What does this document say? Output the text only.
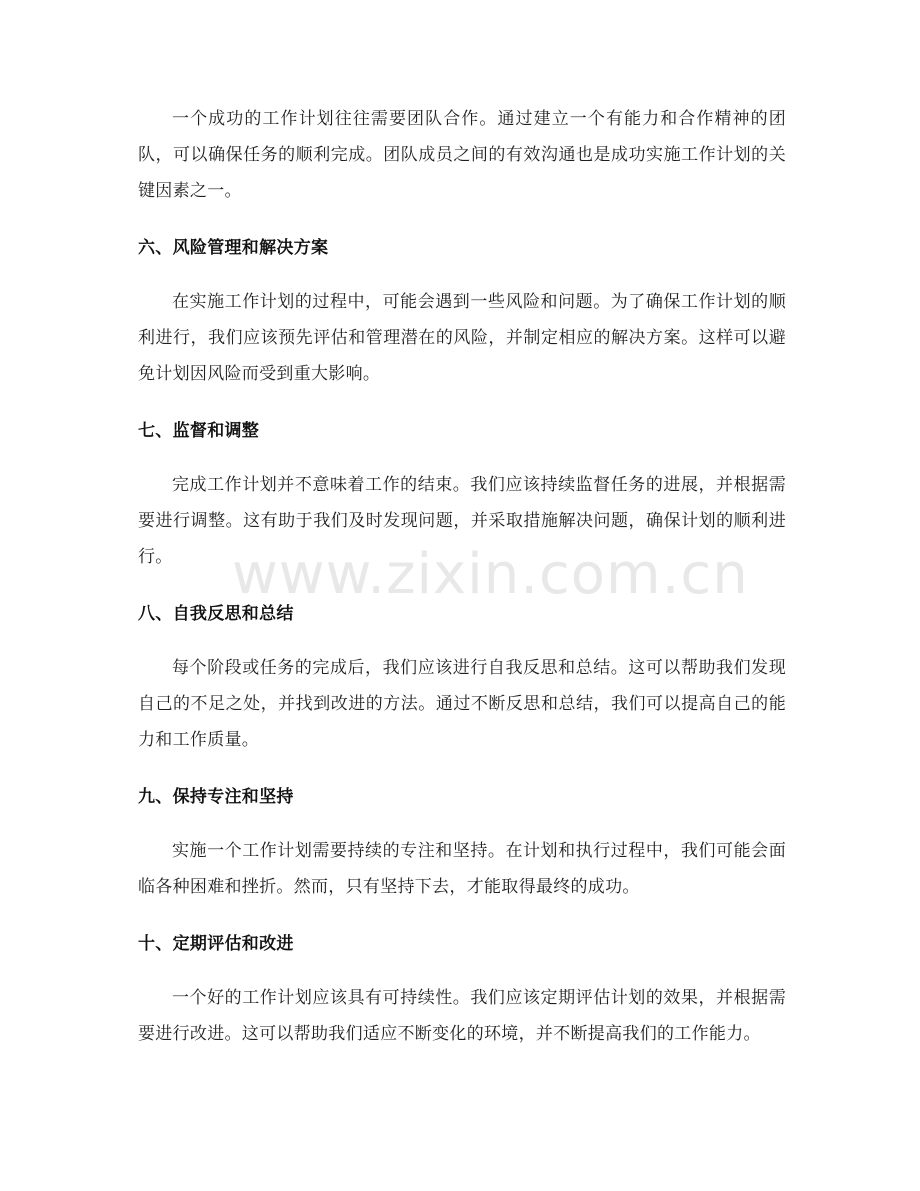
一个成功的工作计划往往需要团队合作。通过建立一个有能力和合作精神的团队，可以确保任务的顺利完成。团队成员之间的有效沟通也是成功实施工作计划的关键因素之一。

六、风险管理和解决方案

在实施工作计划的过程中，可能会遇到一些风险和问题。为了确保工作计划的顺利进行，我们应该预先评估和管理潜在的风险，并制定相应的解决方案。这样可以避免计划因风险而受到重大影响。

七、监督和调整

完成工作计划并不意味着工作的结束。我们应该持续监督任务的进展，并根据需要进行调整。这有助于我们及时发现问题，并采取措施解决问题，确保计划的顺利进行。

八、自我反思和总结

每个阶段或任务的完成后，我们应该进行自我反思和总结。这可以帮助我们发现自己的不足之处，并找到改进的方法。通过不断反思和总结，我们可以提高自己的能力和工作质量。

九、保持专注和坚持

实施一个工作计划需要持续的专注和坚持。在计划和执行过程中，我们可能会面临各种困难和挫折。然而，只有坚持下去，才能取得最终的成功。

十、定期评估和改进

一个好的工作计划应该具有可持续性。我们应该定期评估计划的效果，并根据需要进行改进。这可以帮助我们适应不断变化的环境，并不断提高我们的工作能力。

www.zixin.com.cn
